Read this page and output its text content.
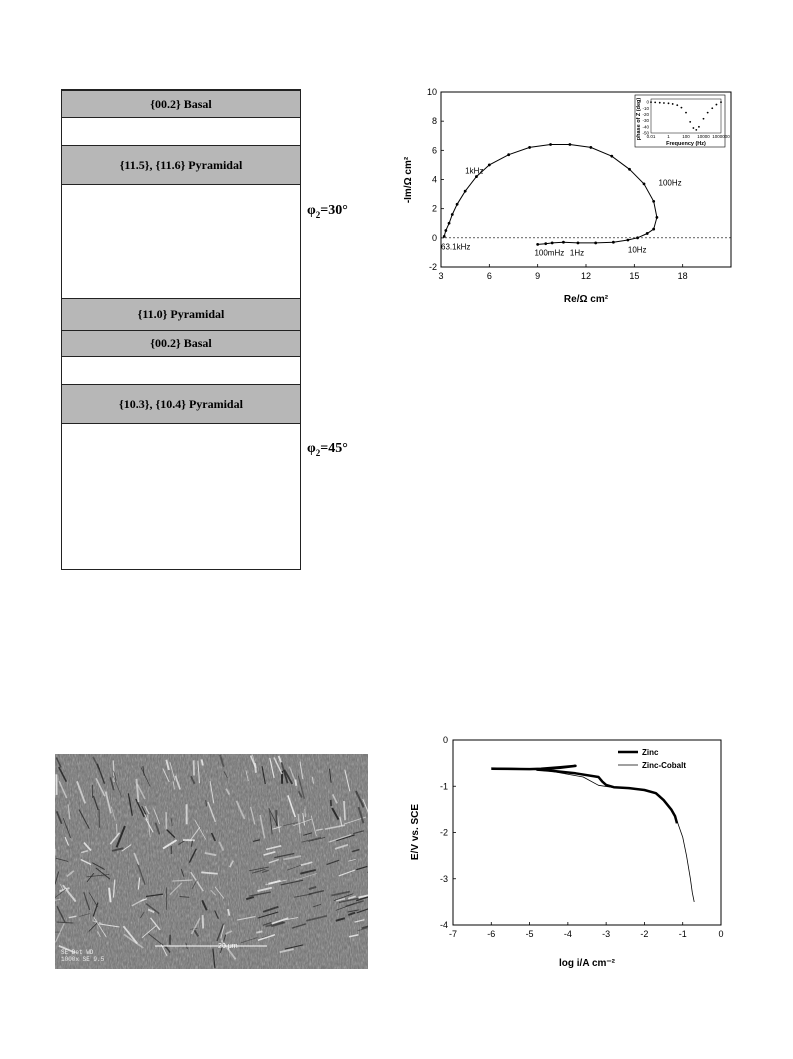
{00.2} Basal
{11.5}, {11.6} Pyramidal
{11.0} Pyramidal
{00.2} Basal
{10.3}, {10.4} Pyramidal
$\varphi_2=30^\circ$
$\varphi_2=45^\circ$
3	6	9	12	15	18
-2
0
2
4
6
8
10
1kHz
100Hz
63.1kHz
100mHz 1Hz	10Hz
Re/Ω cm²
-Im/Ω cm²
0.01	1	100 10000 1000000
0
-10
-20
-30
-40
-50
Frequency (Hz)
phase of Z (deg)
20 μm
SE Det WD
1000x SE 9.5
-7	-6	-5	-4	-3	-2	-1	0
0
-1
-2
-3
-4
Zinc
Zinc-Cobalt
log i/A cm⁻²
E/V vs. SCE
